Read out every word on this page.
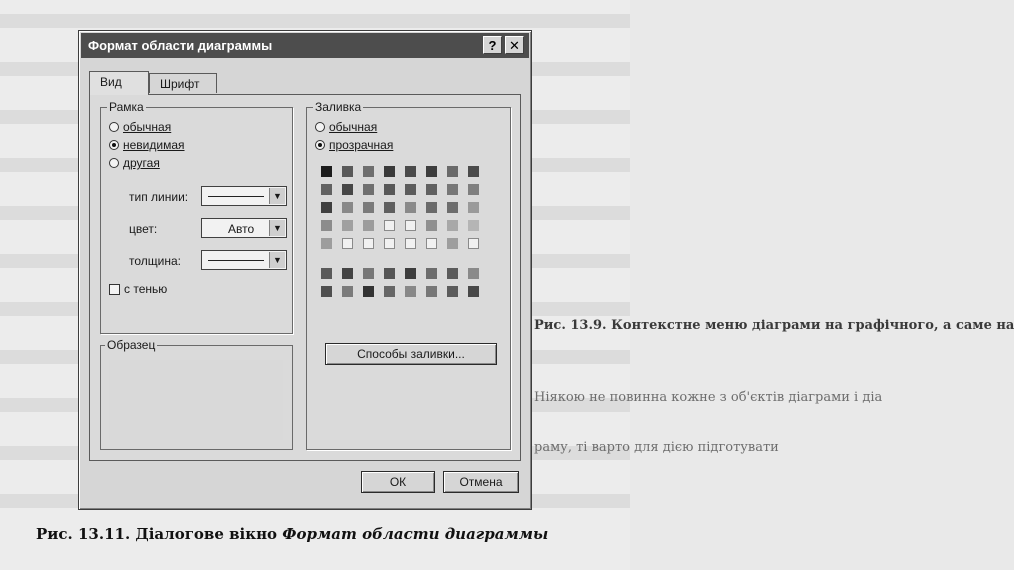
Рис. 13.9. Контекстне меню діаграми на графічного, а саме на
Ніякою не повинна кожне з об'єктів діаграми і діа
раму, ті варто для дією підготувати
Формат области диаграммы	? ✕
Вид	Шрифт
Рамка
обычная
невидимая
другая
тип линии:	▼
цвет:	Авто	▼
толщина:	▼
с тенью
Образец
Заливка
обычная
прозрачная
Способы заливки...
ОК	Отмена
Рис. 13.11. Діалогове вікно Формат области диаграммы
